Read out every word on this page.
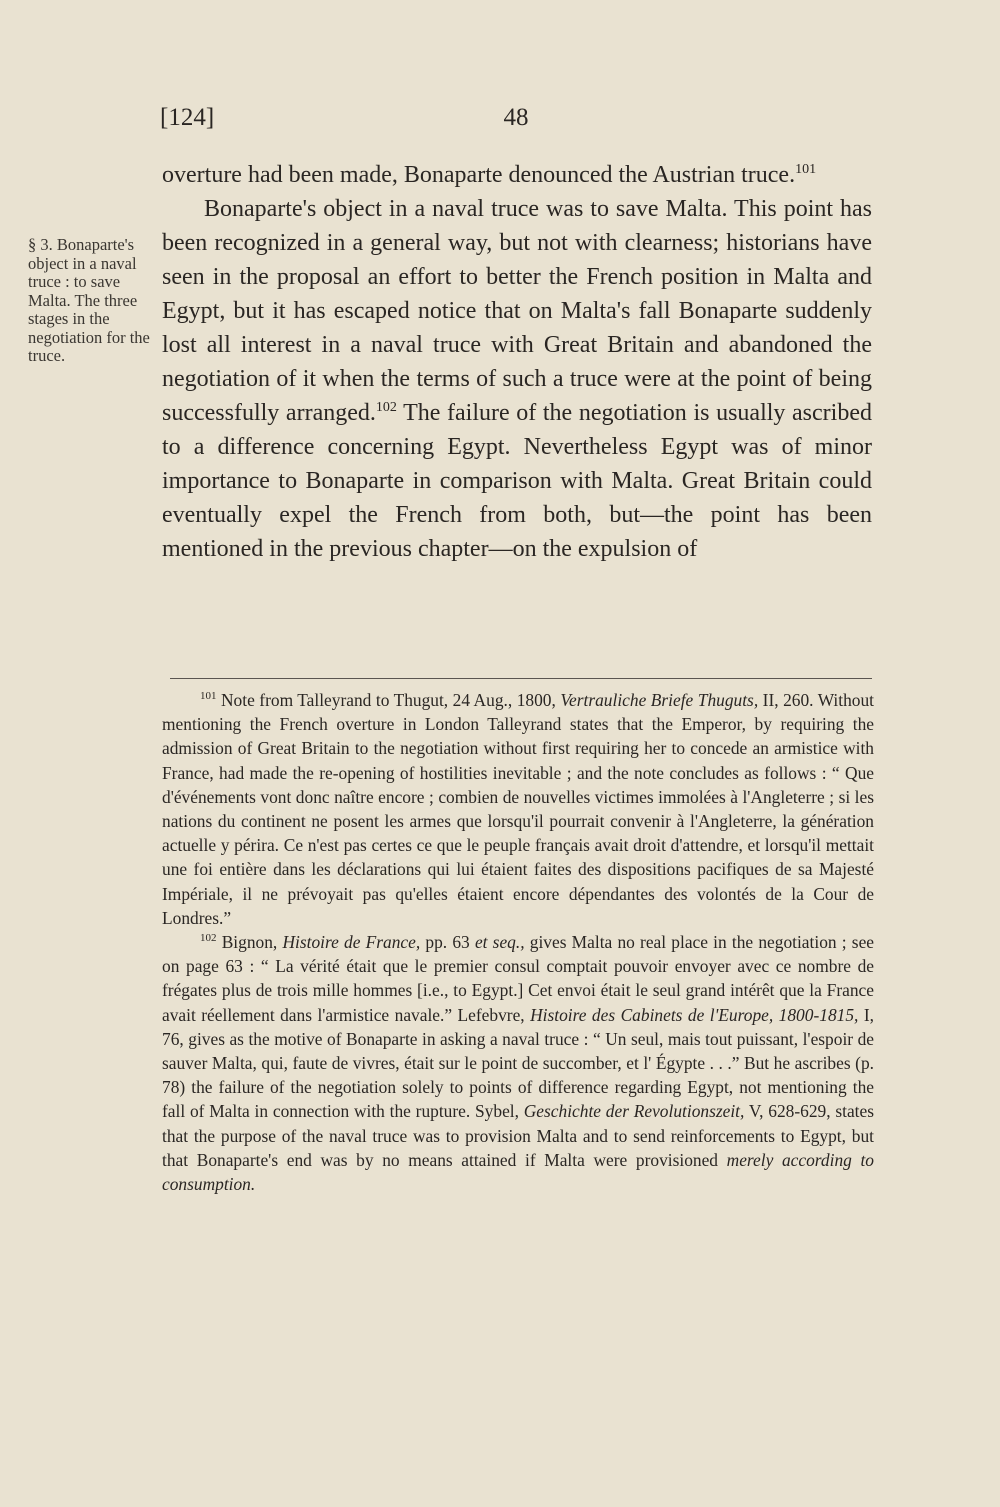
[124]	48
§ 3. Bonaparte's object in a naval truce : to save Malta. The three stages in the negotiation for the truce.

overture had been made, Bonaparte denounced the Austrian truce.$^{101}$

Bonaparte's object in a naval truce was to save Malta. This point has been recognized in a general way, but not with clearness; historians have seen in the proposal an effort to better the French position in Malta and Egypt, but it has escaped notice that on Malta's fall Bonaparte suddenly lost all interest in a naval truce with Great Britain and abandoned the negotiation of it when the terms of such a truce were at the point of being successfully arranged.$^{102}$ The failure of the negotiation is usually ascribed to a difference concerning Egypt. Nevertheless Egypt was of minor importance to Bonaparte in comparison with Malta. Great Britain could eventually expel the French from both, but—the point has been mentioned in the previous chapter—on the expulsion of

$^{101}$ Note from Talleyrand to Thugut, 24 Aug., 1800, Vertrauliche Briefe Thuguts, II, 260. Without mentioning the French overture in London Talleyrand states that the Emperor, by requiring the admission of Great Britain to the negotiation without first requiring her to concede an armistice with France, had made the re-opening of hostilities inevitable ; and the note concludes as follows : “ Que d'événements vont donc naître encore ; combien de nouvelles victimes immolées à l'Angleterre ; si les nations du continent ne posent les armes que lorsqu'il pourrait convenir à l'Angleterre, la génération actuelle y périra. Ce n'est pas certes ce que le peuple français avait droit d'attendre, et lorsqu'il mettait une foi entière dans les déclarations qui lui étaient faites des dispositions pacifiques de sa Majesté Impériale, il ne prévoyait pas qu'elles étaient encore dépendantes des volontés de la Cour de Londres.”

$^{102}$ Bignon, Histoire de France, pp. 63 et seq., gives Malta no real place in the negotiation ; see on page 63 : “ La vérité était que le premier consul comptait pouvoir envoyer avec ce nombre de frégates plus de trois mille hommes [i.e., to Egypt.] Cet envoi était le seul grand intérêt que la France avait réellement dans l'armistice navale.” Lefebvre, Histoire des Cabinets de l'Europe, 1800-1815, I, 76, gives as the motive of Bonaparte in asking a naval truce : “ Un seul, mais tout puissant, l'espoir de sauver Malta, qui, faute de vivres, était sur le point de succomber, et l' Égypte . . .” But he ascribes (p. 78) the failure of the negotiation solely to points of difference regarding Egypt, not mentioning the fall of Malta in connection with the rupture. Sybel, Geschichte der Revolutionszeit, V, 628-629, states that the purpose of the naval truce was to provision Malta and to send reinforcements to Egypt, but that Bonaparte's end was by no means attained if Malta were provisioned merely according to consumption.
